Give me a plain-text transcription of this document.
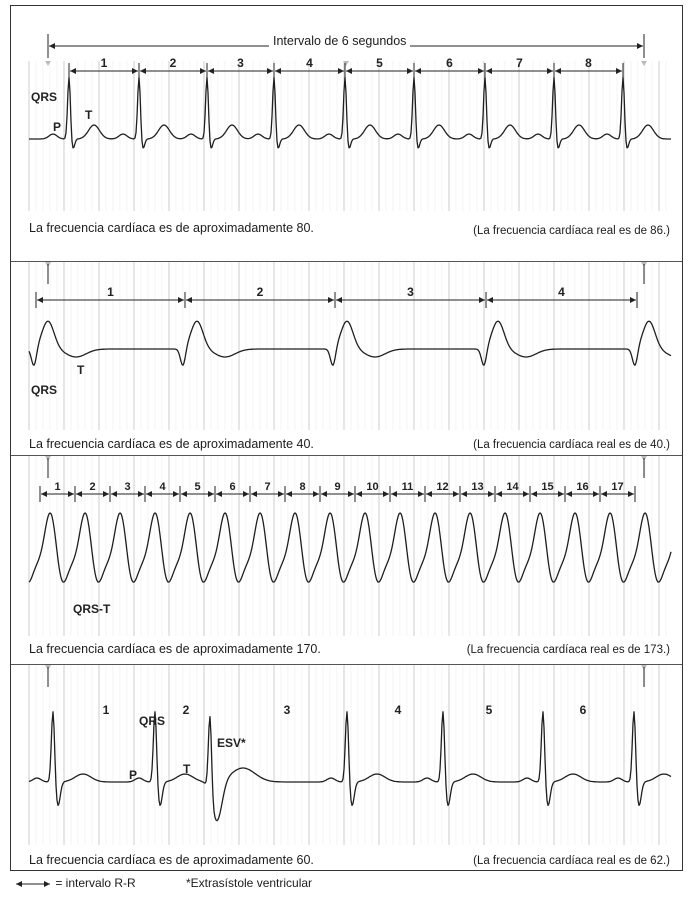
1	2	3	4	5	6	7	8
QRS
P
T
Intervalo de 6 segundos
La frecuencia cardíaca es de aproximadamente 80.	(La frecuencia cardíaca real es de 86.)
1	2	3	4
QRS
T
La frecuencia cardíaca es de aproximadamente 40.	(La frecuencia cardíaca real es de 40.)
1	2	3	4	5	6	7	8	9 10 11 12 13 14 15 16 17
QRS-T
La frecuencia cardíaca es de aproximadamente 170.	(La frecuencia cardíaca real es de 173.)
1	2	3	4	5	6
QRS
P	T
ESV*
La frecuencia cardíaca es de aproximadamente 60.	(La frecuencia cardíaca real es de 62.)
= intervalo R-R	*Extrasístole ventricular
